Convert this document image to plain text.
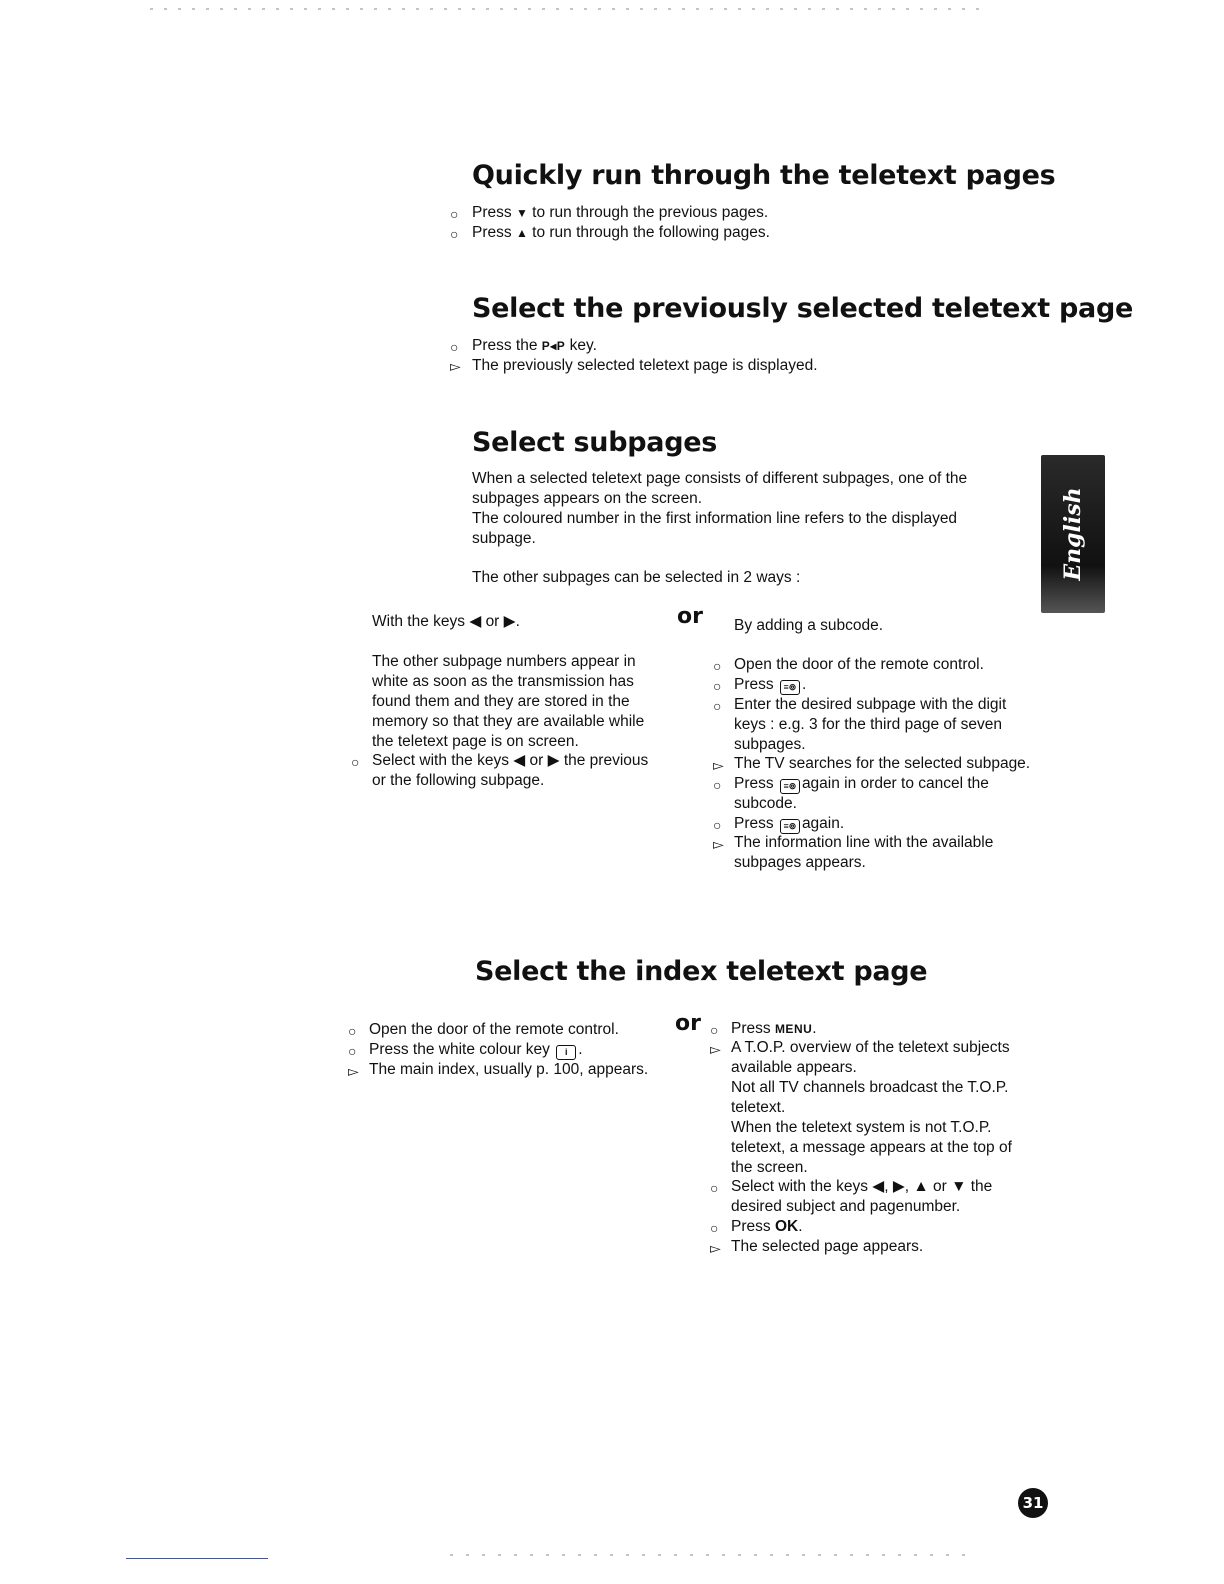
Quickly run through the teletext pages
○ Press ▼ to run through the previous pages.
○ Press ▲ to run through the following pages.
Select the previously selected teletext page
○ Press the P◂P key.
▻ The previously selected teletext page is displayed.
Select subpages
When a selected teletext page consists of different subpages, one of the
subpages appears on the screen.
The coloured number in the first information line refers to the displayed
subpage.
The other subpages can be selected in 2 ways :
With the keys ◀ or ▶.	or By adding a subcode.
The other subpage numbers appear in
white as soon as the transmission has
found them and they are stored in the
memory so that they are available while
the teletext page is on screen.
○ Select with the keys ◀ or ▶ the previous
or the following subpage.
○ Open the door of the remote control.
○ Press ≡⊚ .
○ Enter the desired subpage with the digit
keys : e.g. 3 for the third page of seven
subpages.
▻ The TV searches for the selected subpage.
○ Press ≡⊚ again in order to cancel the
subcode.
○ Press ≡⊚ again.
▻ The information line with the available
subpages appears.
Select the index teletext page
or
○ Open the door of the remote control.
○ Press the white colour key i .
▻ The main index, usually p. 100, appears.
○ Press MENU.
▻ A T.O.P. overview of the teletext subjects
available appears.
Not all TV channels broadcast the T.O.P.
teletext.
When the teletext system is not T.O.P.
teletext, a message appears at the top of
the screen.
○ Select with the keys ◀, ▶, ▲ or ▼ the
desired subject and pagenumber.
○ Press OK.
▻ The selected page appears.
English
31
